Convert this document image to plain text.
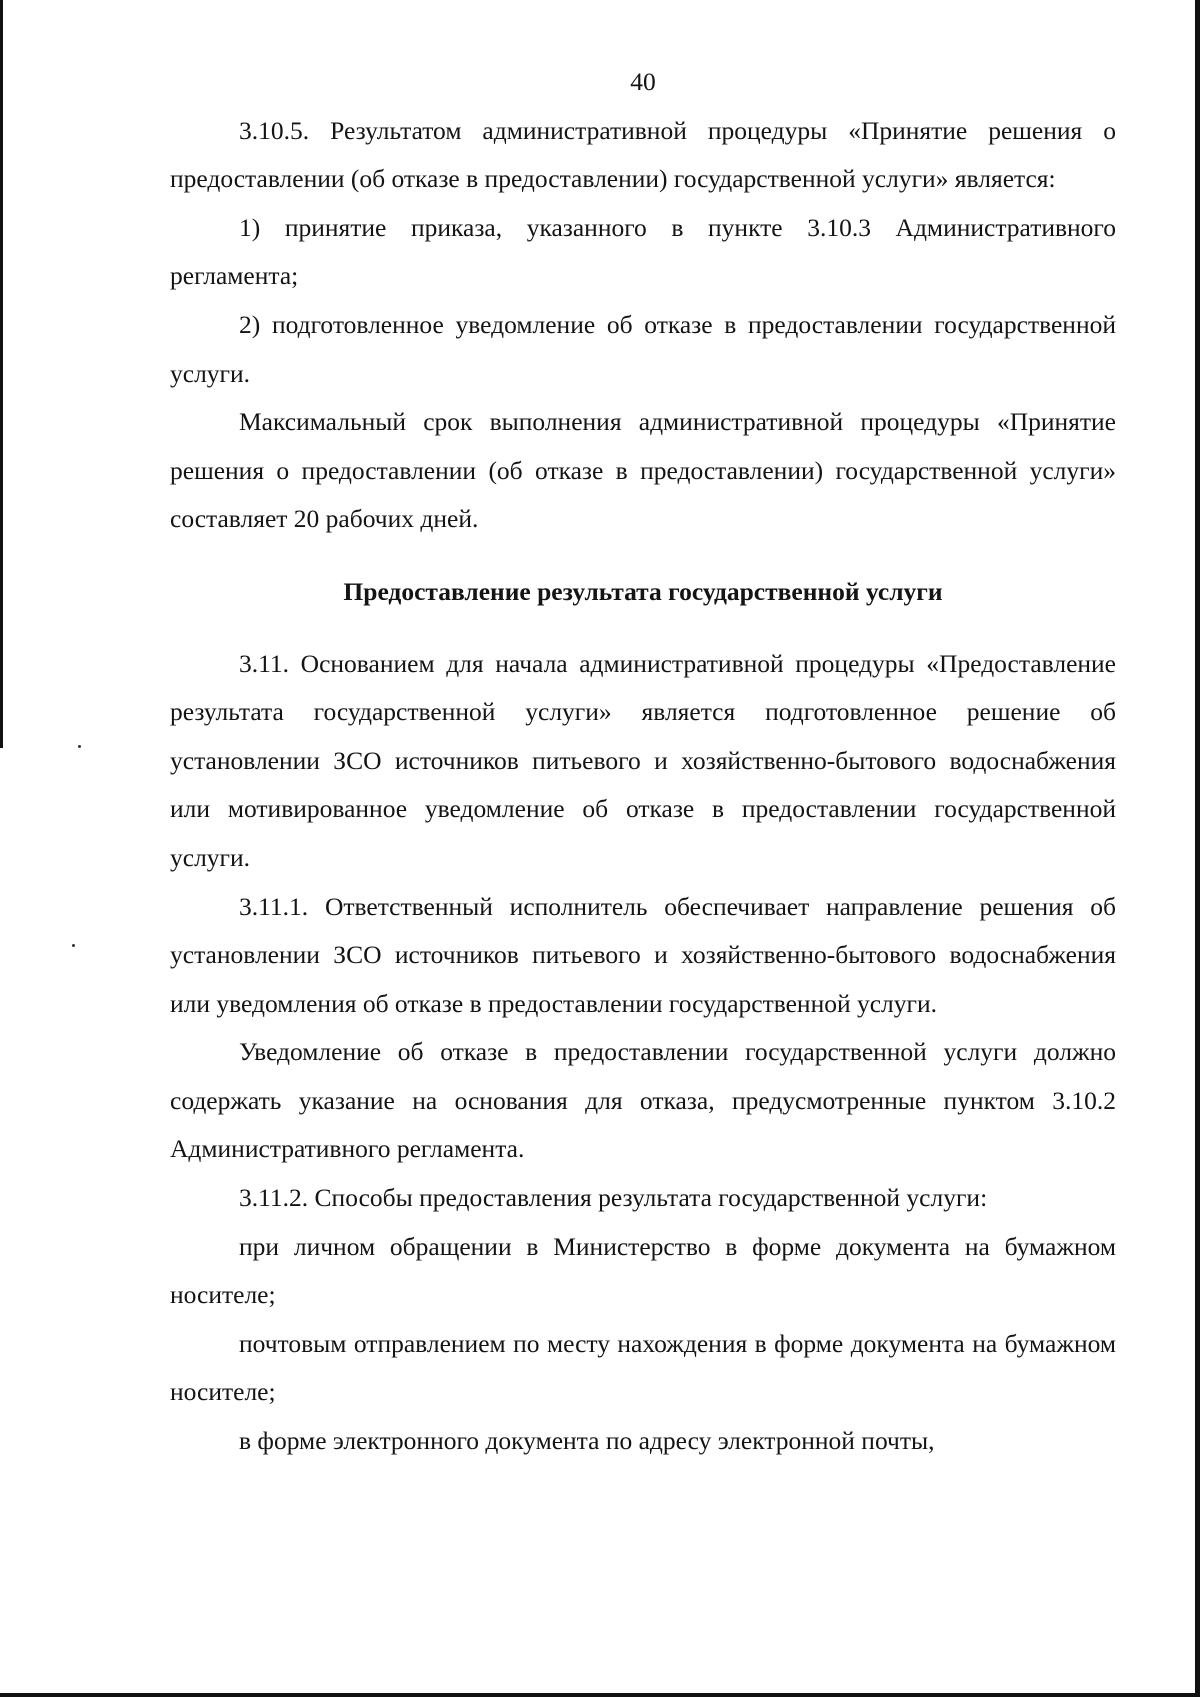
40

3.10.5. Результатом административной процедуры «Принятие решения о предоставлении (об отказе в предоставлении) государственной услуги» является:

1) принятие приказа, указанного в пункте 3.10.3 Административного регламента;

2) подготовленное уведомление об отказе в предоставлении государственной услуги.

Максимальный срок выполнения административной процедуры «Принятие решения о предоставлении (об отказе в предоставлении) государственной услуги» составляет 20 рабочих дней.

Предоставление результата государственной услуги

3.11. Основанием для начала административной процедуры «Предоставление результата государственной услуги» является подготовленное решение об установлении ЗСО источников питьевого и хозяйственно-бытового водоснабжения или мотивированное уведомление об отказе в предоставлении государственной услуги.

3.11.1. Ответственный исполнитель обеспечивает направление решения об установлении ЗСО источников питьевого и хозяйственно-бытового водоснабжения или уведомления об отказе в предоставлении государственной услуги.

Уведомление об отказе в предоставлении государственной услуги должно содержать указание на основания для отказа, предусмотренные пунктом 3.10.2 Административного регламента.

3.11.2. Способы предоставления результата государственной услуги:

при личном обращении в Министерство в форме документа на бумажном носителе;

почтовым отправлением по месту нахождения в форме документа на бумажном носителе;

в форме электронного документа по адресу электронной почты,
